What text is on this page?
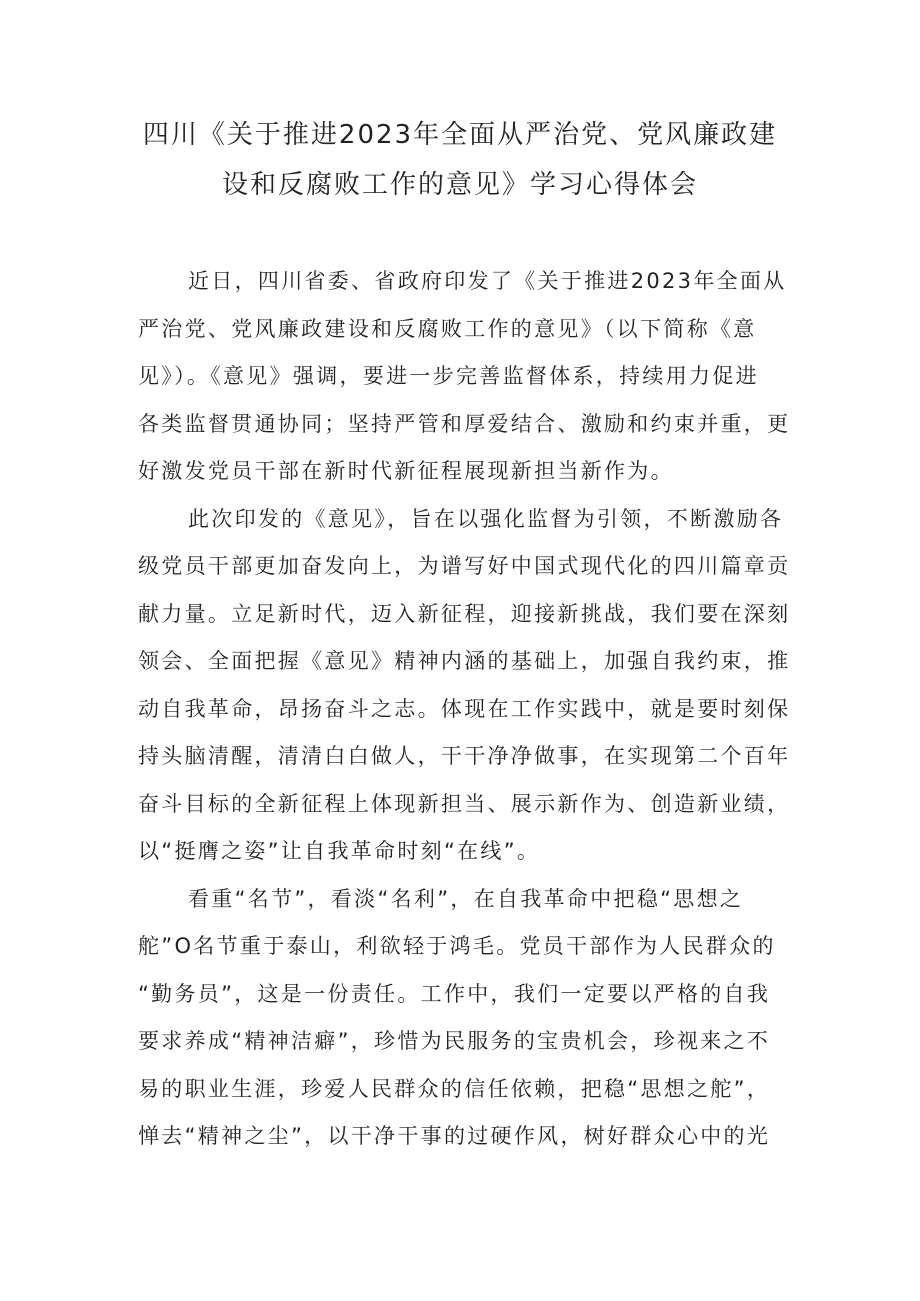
四川《关于推进2023年全面从严治党、党风廉政建
设和反腐败工作的意见》学习心得体会

近日，四川省委、省政府印发了《关于推进2023年全面从
严治党、党风廉政建设和反腐败工作的意见》（以下简称《意
见》）。《意见》强调，要进一步完善监督体系，持续用力促进
各类监督贯通协同；坚持严管和厚爱结合、激励和约束并重，更
好激发党员干部在新时代新征程展现新担当新作为。

此次印发的《意见》，旨在以强化监督为引领，不断激励各
级党员干部更加奋发向上，为谱写好中国式现代化的四川篇章贡
献力量。立足新时代，迈入新征程，迎接新挑战，我们要在深刻
领会、全面把握《意见》精神内涵的基础上，加强自我约束，推
动自我革命，昂扬奋斗之志。体现在工作实践中，就是要时刻保
持头脑清醒，清清白白做人，干干净净做事，在实现第二个百年
奋斗目标的全新征程上体现新担当、展示新作为、创造新业绩，
以“挺膺之姿”让自我革命时刻“在线”。

看重“名节”，看淡“名利”，在自我革命中把稳“思想之
舵”O名节重于泰山，利欲轻于鸿毛。党员干部作为人民群众的
“勤务员”，这是一份责任。工作中，我们一定要以严格的自我
要求养成“精神洁癖”，珍惜为民服务的宝贵机会，珍视来之不
易的职业生涯，珍爱人民群众的信任依赖，把稳“思想之舵”，
惮去“精神之尘”，以干净干事的过硬作风，树好群众心中的光
